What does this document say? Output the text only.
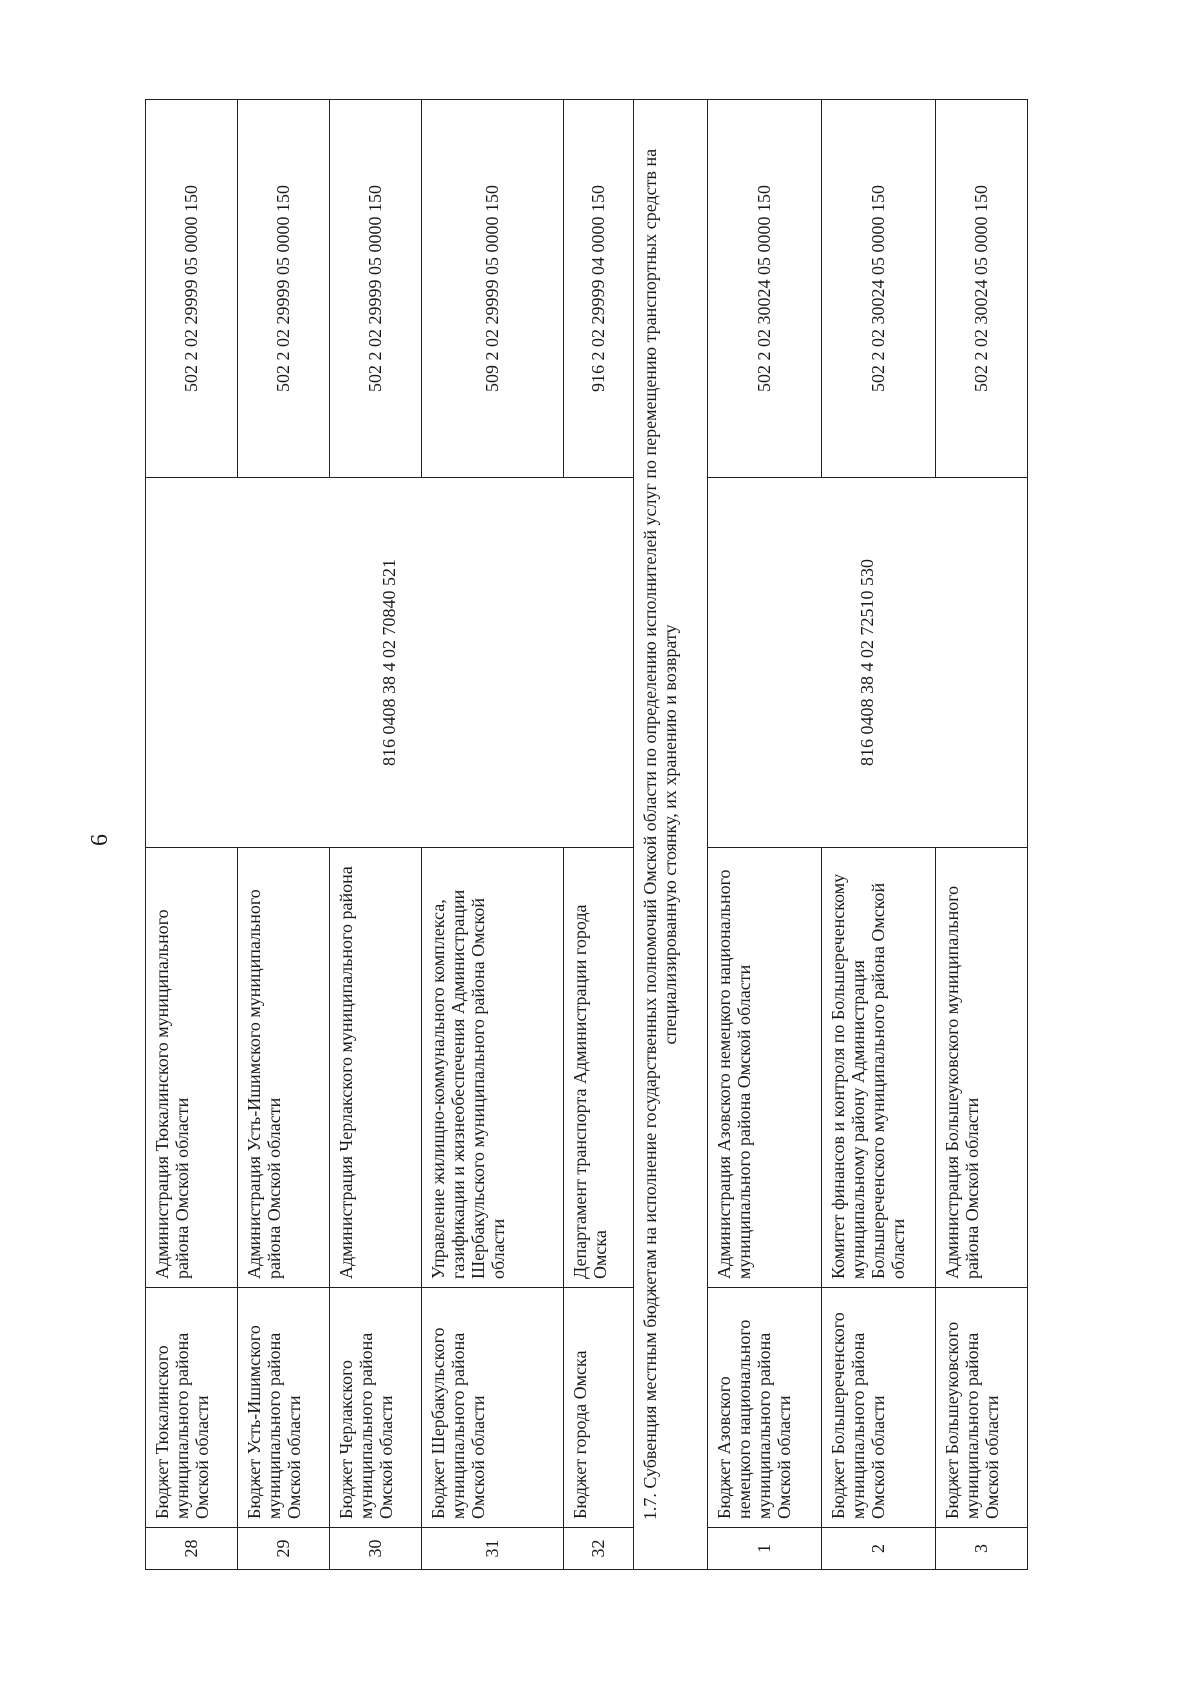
6
28	Бюджет Тюкалинского муниципального района Омской области	Администрация Тюкалинского муниципального района Омской области	816 0408 38 4 02 70840 521	502 2 02 29999 05 0000 150
29	Бюджет Усть-Ишимского муниципального района Омской области	Администрация Усть-Ишимского муниципального района Омской области		502 2 02 29999 05 0000 150
30	Бюджет Черлакского муниципального района Омской области	Администрация Черлакского муниципального района		502 2 02 29999 05 0000 150
31	Бюджет Шербакульского муниципального района Омской области	Управление жилищно-коммунального комплекса, газификации и жизнеобеспечения Администрации Шербакульского муниципального района Омской области		509 2 02 29999 05 0000 150
32	Бюджет города Омска	Департамент транспорта Администрации города Омска		916 2 02 29999 04 0000 150
1.7. Субвенция местным бюджетам на исполнение государственных полномочий Омской области по определению исполнителей услуг по перемещению транспортных средств на специализированную стоянку, их хранению и возврату				
1	Бюджет Азовского немецкого национального муниципального района Омской области	Администрация Азовского немецкого национального муниципального района Омской области	816 0408 38 4 02 72510 530	502 2 02 30024 05 0000 150
2	Бюджет Большереченского муниципального района Омской области	Комитет финансов и контроля по Большереченскому муниципальному району Администрация Большереченского муниципального района Омской области		502 2 02 30024 05 0000 150
3	Бюджет Большеуковского муниципального района Омской области	Администрация Большеуковского муниципального района Омской области		502 2 02 30024 05 0000 150
